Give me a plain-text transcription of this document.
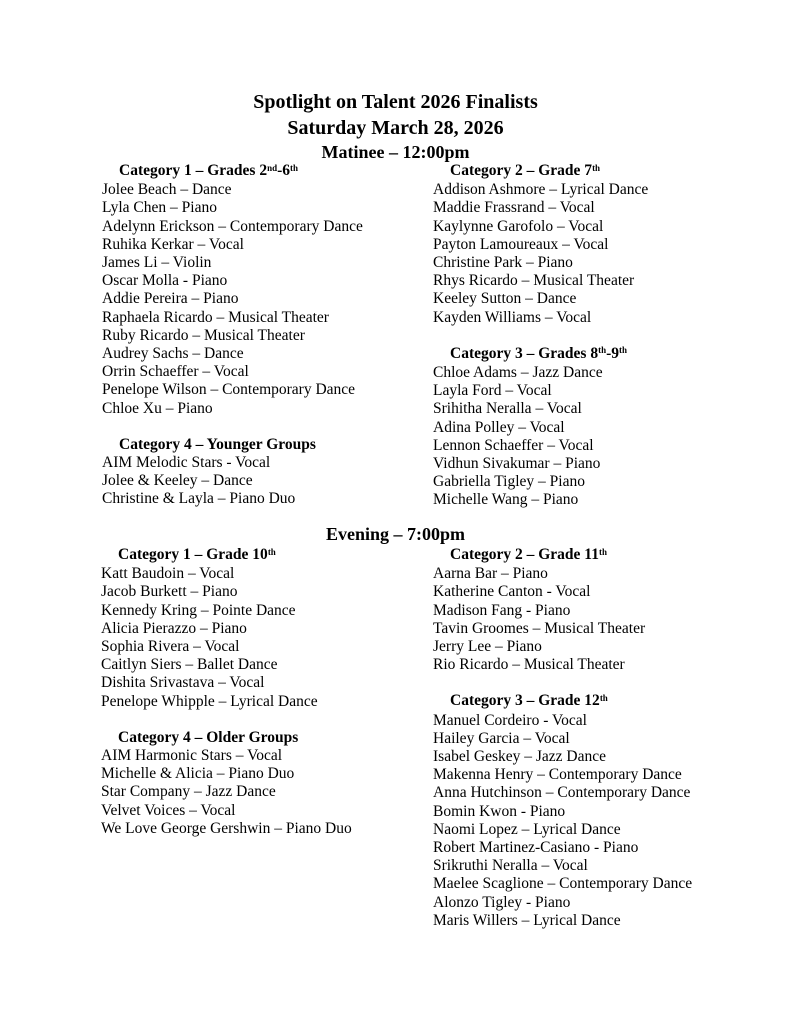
Spotlight on Talent 2026 Finalists
Saturday March 28, 2026
Matinee – 12:00pm
Category 1 – Grades 2nd-6th
Jolee Beach – Dance
Lyla Chen – Piano
Adelynn Erickson – Contemporary Dance
Ruhika Kerkar – Vocal
James Li – Violin
Oscar Molla - Piano
Addie Pereira – Piano
Raphaela Ricardo – Musical Theater
Ruby Ricardo – Musical Theater
Audrey Sachs – Dance
Orrin Schaeffer – Vocal
Penelope Wilson – Contemporary Dance
Chloe Xu – Piano
Category 4 – Younger Groups
AIM Melodic Stars - Vocal
Jolee & Keeley – Dance
Christine & Layla – Piano Duo
Category 2 – Grade 7th
Addison Ashmore – Lyrical Dance
Maddie Frassrand – Vocal
Kaylynne Garofolo – Vocal
Payton Lamoureaux – Vocal
Christine Park – Piano
Rhys Ricardo – Musical Theater
Keeley Sutton – Dance
Kayden Williams – Vocal
Category 3 – Grades 8th-9th
Chloe Adams – Jazz Dance
Layla Ford – Vocal
Srihitha Neralla – Vocal
Adina Polley – Vocal
Lennon Schaeffer – Vocal
Vidhun Sivakumar – Piano
Gabriella Tigley – Piano
Michelle Wang – Piano
Evening – 7:00pm
Category 1 – Grade 10th
Katt Baudoin – Vocal
Jacob Burkett – Piano
Kennedy Kring – Pointe Dance
Alicia Pierazzo – Piano
Sophia Rivera – Vocal
Caitlyn Siers – Ballet Dance
Dishita Srivastava – Vocal
Penelope Whipple – Lyrical Dance
Category 4 – Older Groups
AIM Harmonic Stars – Vocal
Michelle & Alicia – Piano Duo
Star Company – Jazz Dance
Velvet Voices – Vocal
We Love George Gershwin – Piano Duo
Category 2 – Grade 11th
Aarna Bar – Piano
Katherine Canton - Vocal
Madison Fang - Piano
Tavin Groomes – Musical Theater
Jerry Lee – Piano
Rio Ricardo – Musical Theater
Category 3 – Grade 12th
Manuel Cordeiro - Vocal
Hailey Garcia – Vocal
Isabel Geskey – Jazz Dance
Makenna Henry – Contemporary Dance
Anna Hutchinson – Contemporary Dance
Bomin Kwon - Piano
Naomi Lopez – Lyrical Dance
Robert Martinez-Casiano - Piano
Srikruthi Neralla – Vocal
Maelee Scaglione – Contemporary Dance
Alonzo Tigley - Piano
Maris Willers – Lyrical Dance
